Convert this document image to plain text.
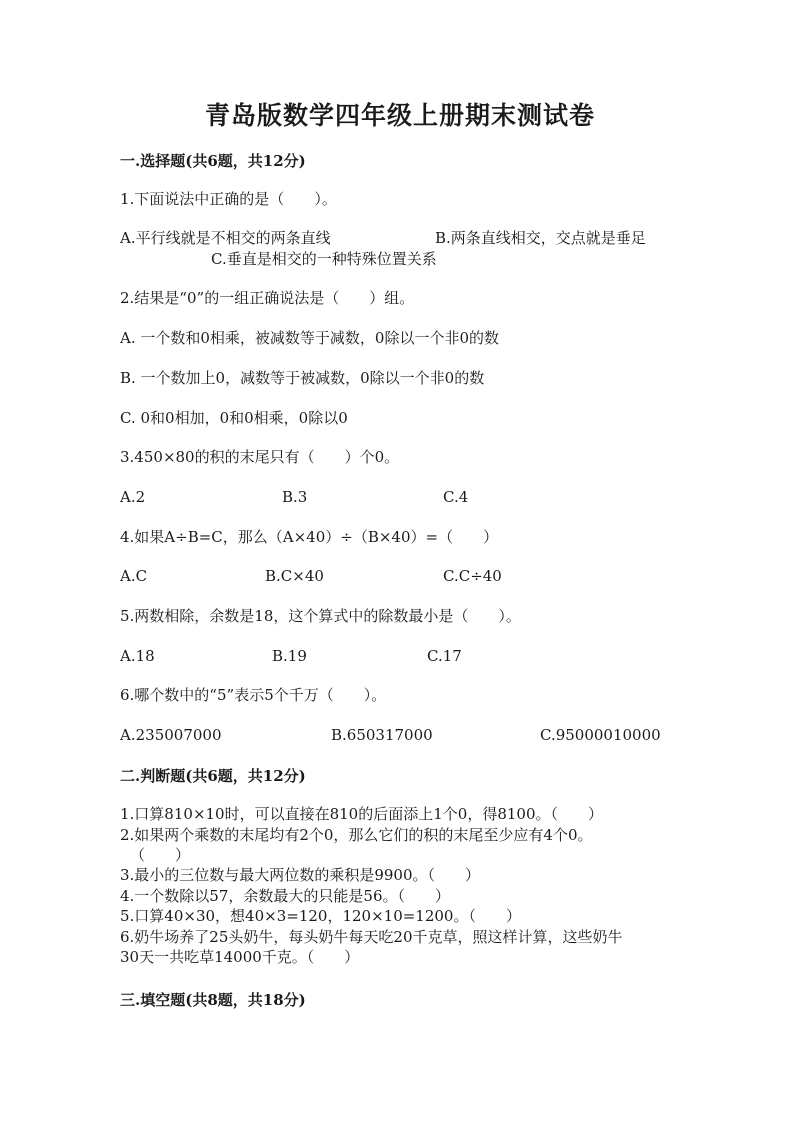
青岛版数学四年级上册期末测试卷
一.选择题(共6题，共12分)
1.下面说法中正确的是（　　）。
A.平行线就是不相交的两条直线	B.两条直线相交，交点就是垂足
C.垂直是相交的一种特殊位置关系
2.结果是“0”的一组正确说法是（　　）组。
A. 一个数和0相乘，被减数等于减数，0除以一个非0的数
B. 一个数加上0，减数等于被减数，0除以一个非0的数
C. 0和0相加，0和0相乘，0除以0
3.450×80的积的末尾只有（　　）个0。
A.2	B.3	C.4
4.如果A÷B=C，那么（A×40）÷（B×40）=（　　）
A.C	B.C×40	C.C÷40
5.两数相除，余数是18，这个算式中的除数最小是（　　）。
A.18	B.19	C.17
6.哪个数中的“5”表示5个千万（　　）。
A.235007000	B.650317000	C.95000010000
二.判断题(共6题，共12分)
1.口算810×10时，可以直接在810的后面添上1个0，得8100。（　　）
2.如果两个乘数的末尾均有2个0，那么它们的积的末尾至少应有4个0。
（　　）
3.最小的三位数与最大两位数的乘积是9900。（　　）
4.一个数除以57，余数最大的只能是56。（　　）
5.口算40×30，想40×3=120，120×10=1200。（　　）
6.奶牛场养了25头奶牛，每头奶牛每天吃20千克草，照这样计算，这些奶牛
30天一共吃草14000千克。（　　）
三.填空题(共8题，共18分)
